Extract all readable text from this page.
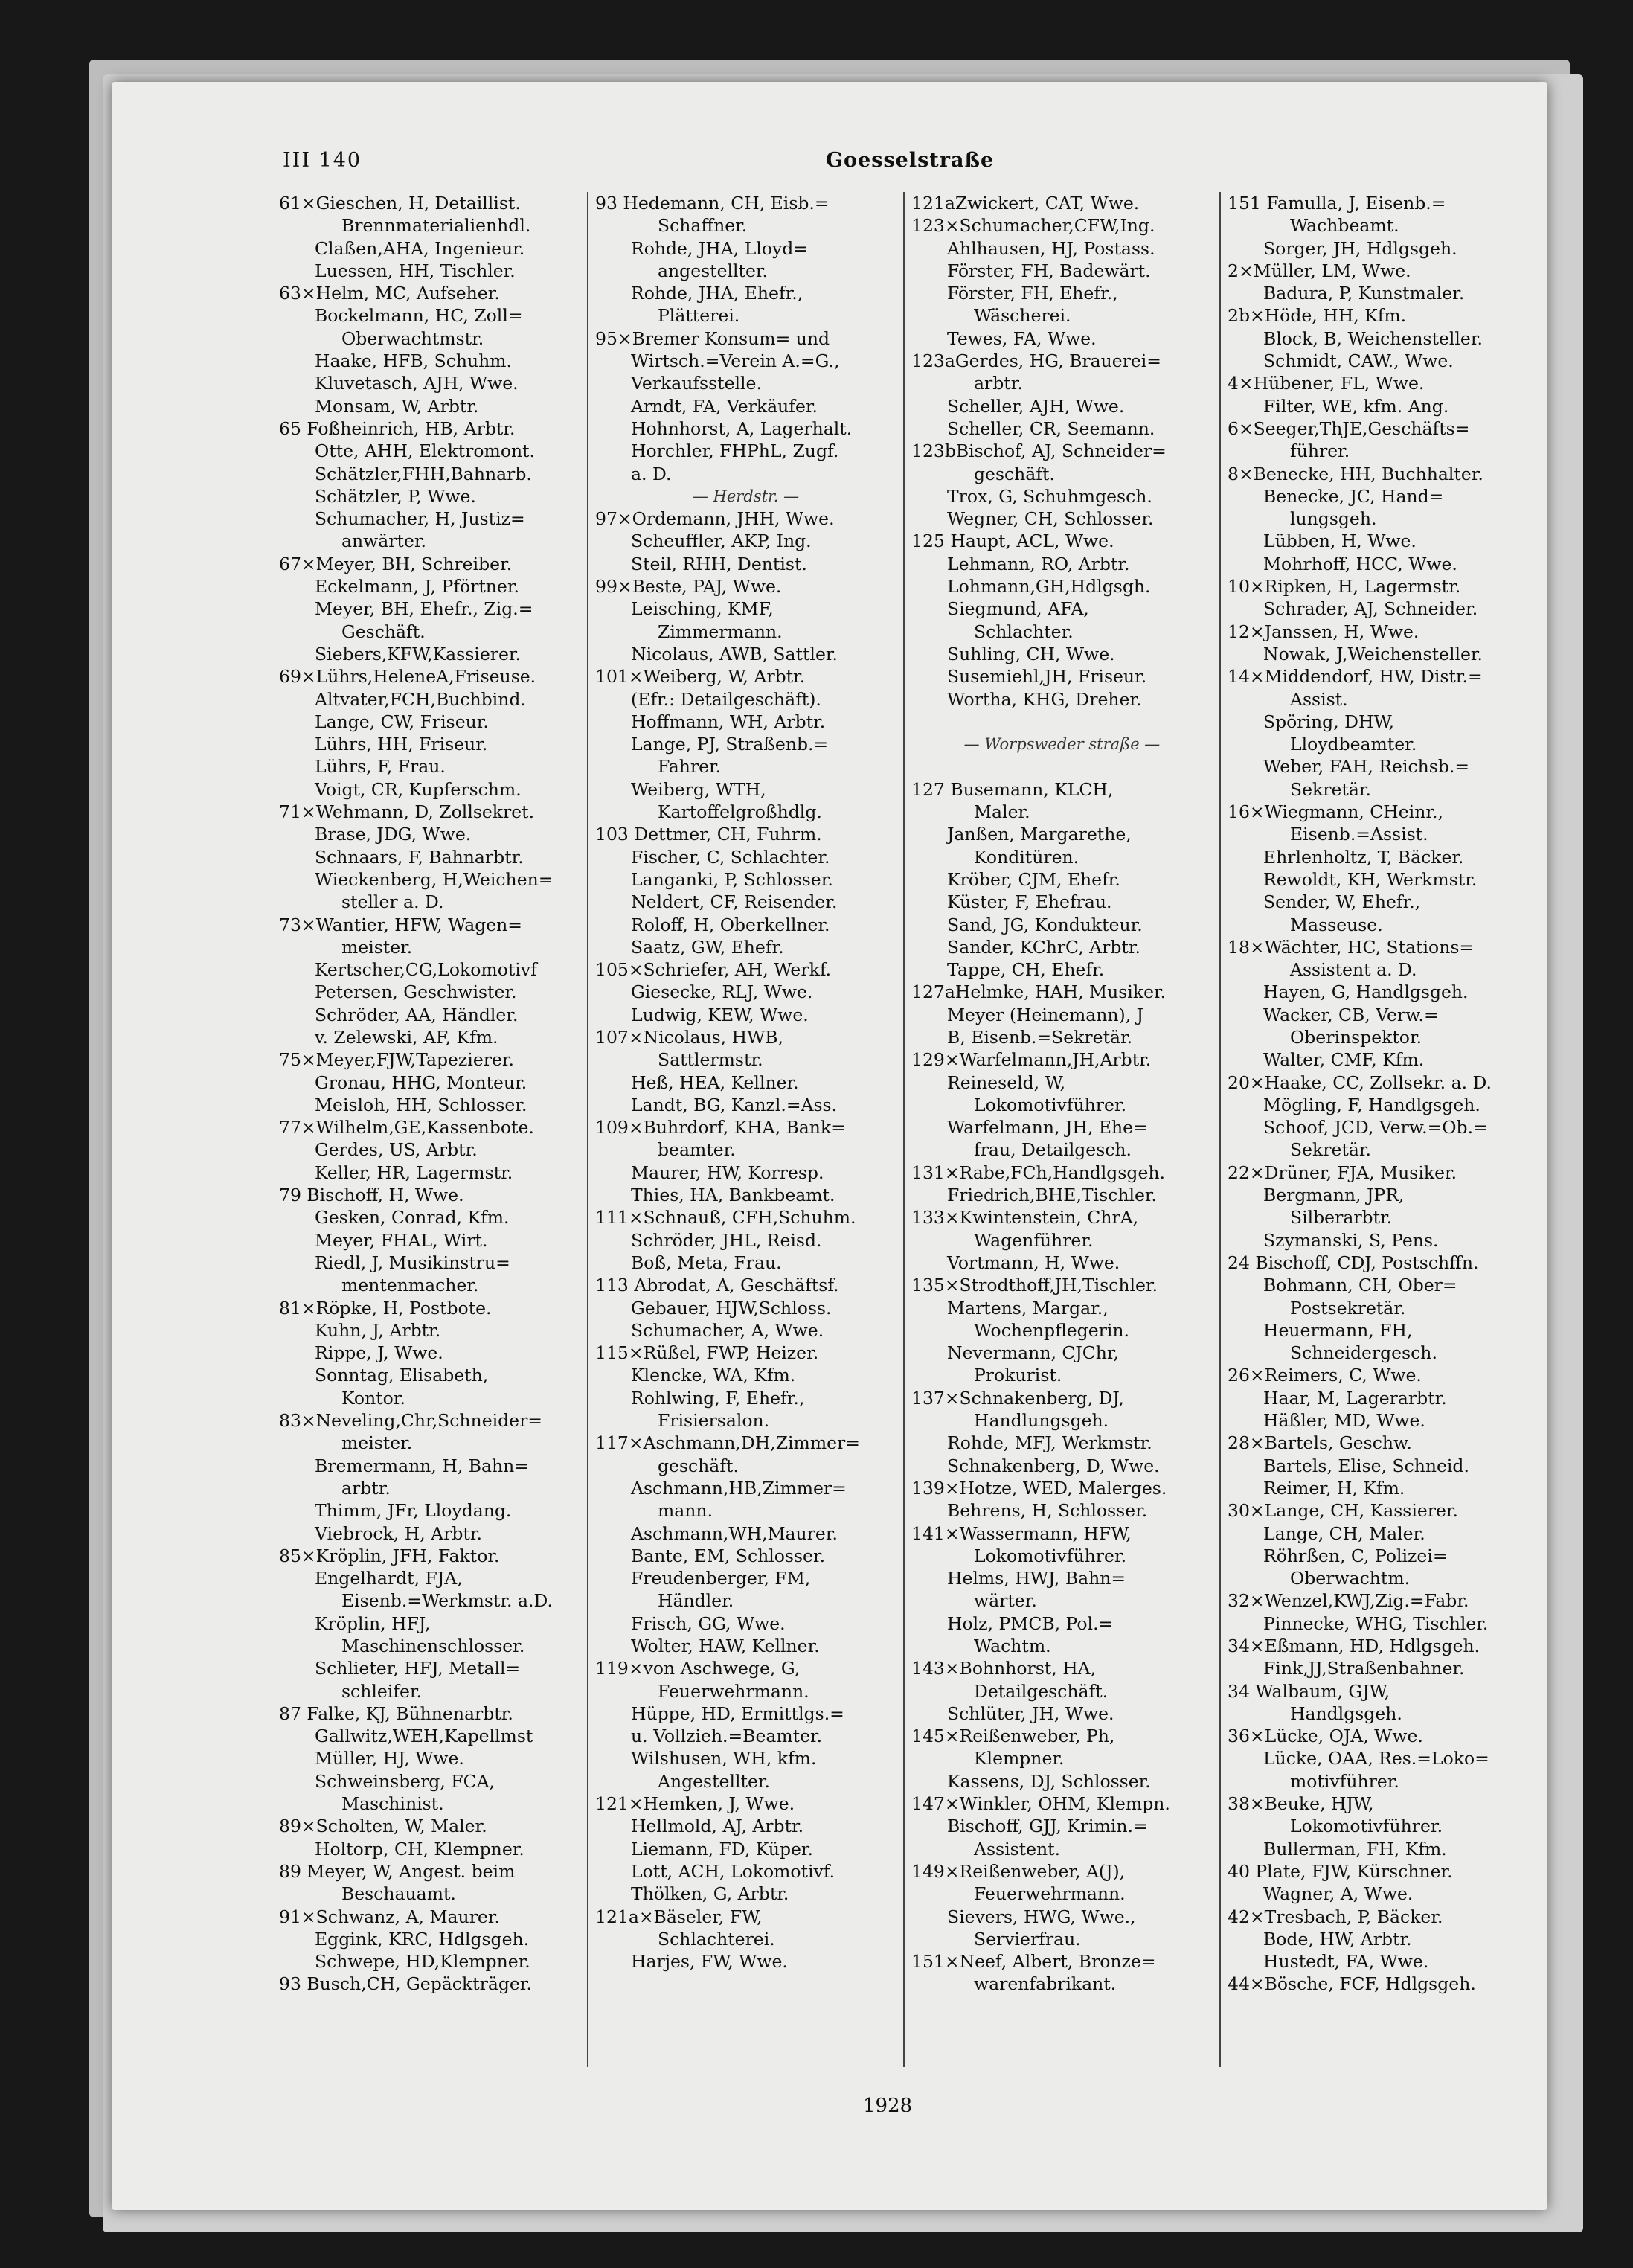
III 140	Goesselstraße
61×Gieschen, H, Detaillist.
Brennmaterialienhdl.
Claßen,AHA, Ingenieur.
Luessen, HH, Tischler.
63×Helm, MC, Aufseher.
Bockelmann, HC, Zoll=
Oberwachtmstr.
Haake, HFB, Schuhm.
Kluvetasch, AJH, Wwe.
Monsam, W, Arbtr.
65 Foßheinrich, HB, Arbtr.
Otte, AHH, Elektromont.
Schätzler,FHH,Bahnarb.
Schätzler, P, Wwe.
Schumacher, H, Justiz=
anwärter.
67×Meyer, BH, Schreiber.
Eckelmann, J, Pförtner.
Meyer, BH, Ehefr., Zig.=
Geschäft.
Siebers,KFW,Kassierer.
69×Lührs,HeleneA,Friseuse.
Altvater,FCH,Buchbind.
Lange, CW, Friseur.
Lührs, HH, Friseur.
Lührs, F, Frau.
Voigt, CR, Kupferschm.
71×Wehmann, D, Zollsekret.
Brase, JDG, Wwe.
Schnaars, F, Bahnarbtr.
Wieckenberg, H,Weichen=
steller a. D.
73×Wantier, HFW, Wagen=
meister.
Kertscher,CG,Lokomotivf
Petersen, Geschwister.
Schröder, AA, Händler.
v. Zelewski, AF, Kfm.
75×Meyer,FJW,Tapezierer.
Gronau, HHG, Monteur.
Meisloh, HH, Schlosser.
77×Wilhelm,GE,Kassenbote.
Gerdes, US, Arbtr.
Keller, HR, Lagermstr.
79 Bischoff, H, Wwe.
Gesken, Conrad, Kfm.
Meyer, FHAL, Wirt.
Riedl, J, Musikinstru=
mentenmacher.
81×Röpke, H, Postbote.
Kuhn, J, Arbtr.
Rippe, J, Wwe.
Sonntag, Elisabeth,
Kontor.
83×Neveling,Chr,Schneider=
meister.
Bremermann, H, Bahn=
arbtr.
Thimm, JFr, Lloydang.
Viebrock, H, Arbtr.
85×Kröplin, JFH, Faktor.
Engelhardt, FJA,
Eisenb.=Werkmstr. a.D.
Kröplin, HFJ,
Maschinenschlosser.
Schlieter, HFJ, Metall=
schleifer.
87 Falke, KJ, Bühnenarbtr.
Gallwitz,WEH,Kapellmst
Müller, HJ, Wwe.
Schweinsberg, FCA,
Maschinist.
89×Scholten, W, Maler.
Holtorp, CH, Klempner.
89 Meyer, W, Angest. beim
Beschauamt.
91×Schwanz, A, Maurer.
Eggink, KRC, Hdlgsgeh.
Schwepe, HD,Klempner.
93 Busch,CH, Gepäckträger.
93 Hedemann, CH, Eisb.=
Schaffner.
Rohde, JHA, Lloyd=
angestellter.
Rohde, JHA, Ehefr.,
Plätterei.
95×Bremer Konsum= und
Wirtsch.=Verein A.=G.,
Verkaufsstelle.
Arndt, FA, Verkäufer.
Hohnhorst, A, Lagerhalt.
Horchler, FHPhL, Zugf.
a. D.
— Herdstr. —
97×Ordemann, JHH, Wwe.
Scheuffler, AKP, Ing.
Steil, RHH, Dentist.
99×Beste, PAJ, Wwe.
Leisching, KMF,
Zimmermann.
Nicolaus, AWB, Sattler.
101×Weiberg, W, Arbtr.
(Efr.: Detailgeschäft).
Hoffmann, WH, Arbtr.
Lange, PJ, Straßenb.=
Fahrer.
Weiberg, WTH,
Kartoffelgroßhdlg.
103 Dettmer, CH, Fuhrm.
Fischer, C, Schlachter.
Langanki, P, Schlosser.
Neldert, CF, Reisender.
Roloff, H, Oberkellner.
Saatz, GW, Ehefr.
105×Schriefer, AH, Werkf.
Giesecke, RLJ, Wwe.
Ludwig, KEW, Wwe.
107×Nicolaus, HWB,
Sattlermstr.
Heß, HEA, Kellner.
Landt, BG, Kanzl.=Ass.
109×Buhrdorf, KHA, Bank=
beamter.
Maurer, HW, Korresp.
Thies, HA, Bankbeamt.
111×Schnauß, CFH,Schuhm.
Schröder, JHL, Reisd.
Boß, Meta, Frau.
113 Abrodat, A, Geschäftsf.
Gebauer, HJW,Schloss.
Schumacher, A, Wwe.
115×Rüßel, FWP, Heizer.
Klencke, WA, Kfm.
Rohlwing, F, Ehefr.,
Frisiersalon.
117×Aschmann,DH,Zimmer=
geschäft.
Aschmann,HB,Zimmer=
mann.
Aschmann,WH,Maurer.
Bante, EM, Schlosser.
Freudenberger, FM,
Händler.
Frisch, GG, Wwe.
Wolter, HAW, Kellner.
119×von Aschwege, G,
Feuerwehrmann.
Hüppe, HD, Ermittlgs.=
u. Vollzieh.=Beamter.
Wilshusen, WH, kfm.
Angestellter.
121×Hemken, J, Wwe.
Hellmold, AJ, Arbtr.
Liemann, FD, Küper.
Lott, ACH, Lokomotivf.
Thölken, G, Arbtr.
121a×Bäseler, FW,
Schlachterei.
Harjes, FW, Wwe.
121aZwickert, CAT, Wwe.
123×Schumacher,CFW,Ing.
Ahlhausen, HJ, Postass.
Förster, FH, Badewärt.
Förster, FH, Ehefr.,
Wäscherei.
Tewes, FA, Wwe.
123aGerdes, HG, Brauerei=
arbtr.
Scheller, AJH, Wwe.
Scheller, CR, Seemann.
123bBischof, AJ, Schneider=
geschäft.
Trox, G, Schuhmgesch.
Wegner, CH, Schlosser.
125 Haupt, ACL, Wwe.
Lehmann, RO, Arbtr.
Lohmann,GH,Hdlgsgh.
Siegmund, AFA,
Schlachter.
Suhling, CH, Wwe.
Susemiehl,JH, Friseur.
Wortha, KHG, Dreher.
— Worpsweder straße —
127 Busemann, KLCH,
Maler.
Janßen, Margarethe,
Konditüren.
Kröber, CJM, Ehefr.
Küster, F, Ehefrau.
Sand, JG, Kondukteur.
Sander, KChrC, Arbtr.
Tappe, CH, Ehefr.
127aHelmke, HAH, Musiker.
Meyer (Heinemann), J
B, Eisenb.=Sekretär.
129×Warfelmann,JH,Arbtr.
Reineseld, W,
Lokomotivführer.
Warfelmann, JH, Ehe=
frau, Detailgesch.
131×Rabe,FCh,Handlgsgeh.
Friedrich,BHE,Tischler.
133×Kwintenstein, ChrA,
Wagenführer.
Vortmann, H, Wwe.
135×Strodthoff,JH,Tischler.
Martens, Margar.,
Wochenpflegerin.
Nevermann, CJChr,
Prokurist.
137×Schnakenberg, DJ,
Handlungsgeh.
Rohde, MFJ, Werkmstr.
Schnakenberg, D, Wwe.
139×Hotze, WED, Malerges.
Behrens, H, Schlosser.
141×Wassermann, HFW,
Lokomotivführer.
Helms, HWJ, Bahn=
wärter.
Holz, PMCB, Pol.=
Wachtm.
143×Bohnhorst, HA,
Detailgeschäft.
Schlüter, JH, Wwe.
145×Reißenweber, Ph,
Klempner.
Kassens, DJ, Schlosser.
147×Winkler, OHM, Klempn.
Bischoff, GJJ, Krimin.=
Assistent.
149×Reißenweber, A(J),
Feuerwehrmann.
Sievers, HWG, Wwe.,
Servierfrau.
151×Neef, Albert, Bronze=
warenfabrikant.
151 Famulla, J, Eisenb.=
Wachbeamt.
Sorger, JH, Hdlgsgeh.
2×Müller, LM, Wwe.
Badura, P, Kunstmaler.
2b×Höde, HH, Kfm.
Block, B, Weichensteller.
Schmidt, CAW., Wwe.
4×Hübener, FL, Wwe.
Filter, WE, kfm. Ang.
6×Seeger,ThJE,Geschäfts=
führer.
8×Benecke, HH, Buchhalter.
Benecke, JC, Hand=
lungsgeh.
Lübben, H, Wwe.
Mohrhoff, HCC, Wwe.
10×Ripken, H, Lagermstr.
Schrader, AJ, Schneider.
12×Janssen, H, Wwe.
Nowak, J,Weichensteller.
14×Middendorf, HW, Distr.=
Assist.
Spöring, DHW,
Lloydbeamter.
Weber, FAH, Reichsb.=
Sekretär.
16×Wiegmann, CHeinr.,
Eisenb.=Assist.
Ehrlenholtz, T, Bäcker.
Rewoldt, KH, Werkmstr.
Sender, W, Ehefr.,
Masseuse.
18×Wächter, HC, Stations=
Assistent a. D.
Hayen, G, Handlgsgeh.
Wacker, CB, Verw.=
Oberinspektor.
Walter, CMF, Kfm.
20×Haake, CC, Zollsekr. a. D.
Mögling, F, Handlgsgeh.
Schoof, JCD, Verw.=Ob.=
Sekretär.
22×Drüner, FJA, Musiker.
Bergmann, JPR,
Silberarbtr.
Szymanski, S, Pens.
24 Bischoff, CDJ, Postschffn.
Bohmann, CH, Ober=
Postsekretär.
Heuermann, FH,
Schneidergesch.
26×Reimers, C, Wwe.
Haar, M, Lagerarbtr.
Häßler, MD, Wwe.
28×Bartels, Geschw.
Bartels, Elise, Schneid.
Reimer, H, Kfm.
30×Lange, CH, Kassierer.
Lange, CH, Maler.
Röhrßen, C, Polizei=
Oberwachtm.
32×Wenzel,KWJ,Zig.=Fabr.
Pinnecke, WHG, Tischler.
34×Eßmann, HD, Hdlgsgeh.
Fink,JJ,Straßenbahner.
34 Walbaum, GJW,
Handlgsgeh.
36×Lücke, OJA, Wwe.
Lücke, OAA, Res.=Loko=
motivführer.
38×Beuke, HJW,
Lokomotivführer.
Bullerman, FH, Kfm.
40 Plate, FJW, Kürschner.
Wagner, A, Wwe.
42×Tresbach, P, Bäcker.
Bode, HW, Arbtr.
Hustedt, FA, Wwe.
44×Bösche, FCF, Hdlgsgeh.
1928
